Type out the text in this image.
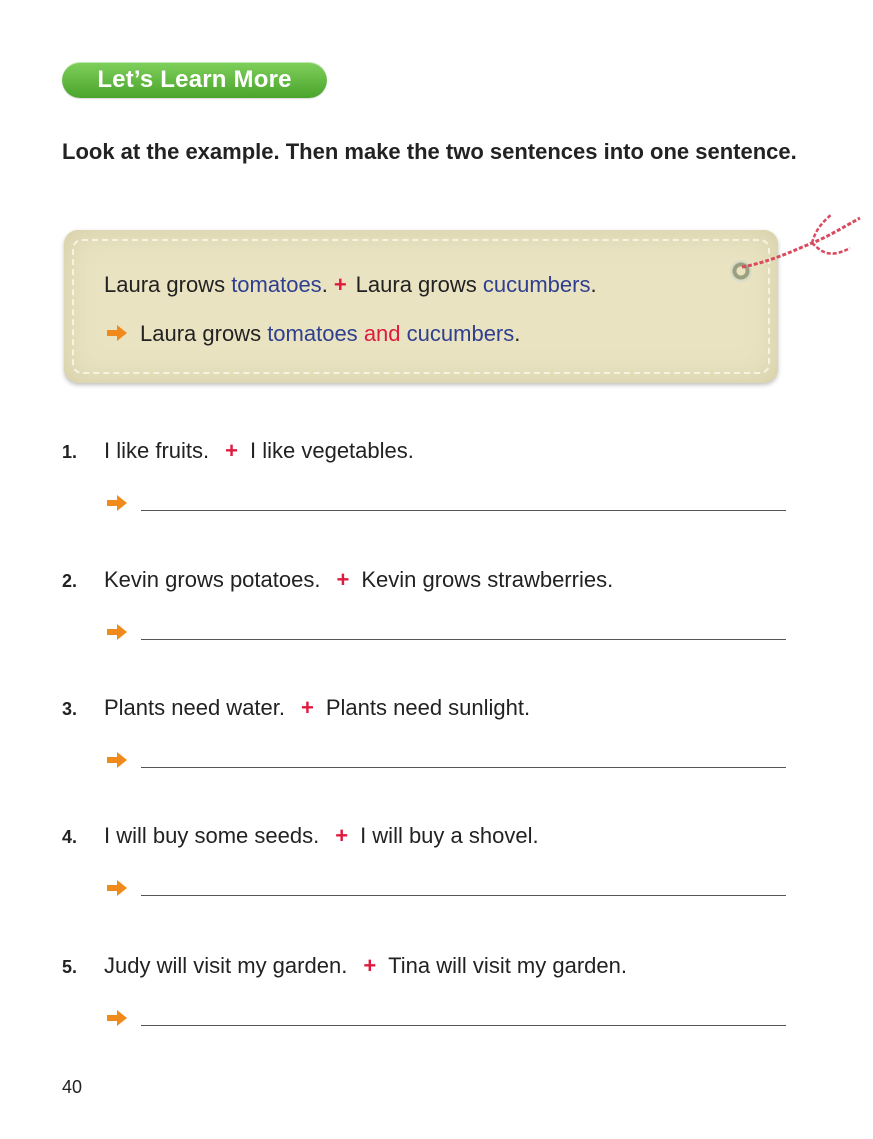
Let’s Learn More
Look at the example. Then make the two sentences into one sentence.
Laura grows tomatoes. + Laura grows cucumbers.
Laura grows tomatoes and cucumbers.
1. I like fruits. + I like vegetables.
2. Kevin grows potatoes. + Kevin grows strawberries.
3. Plants need water. + Plants need sunlight.
4. I will buy some seeds. + I will buy a shovel.
5. Judy will visit my garden. + Tina will visit my garden.
40
